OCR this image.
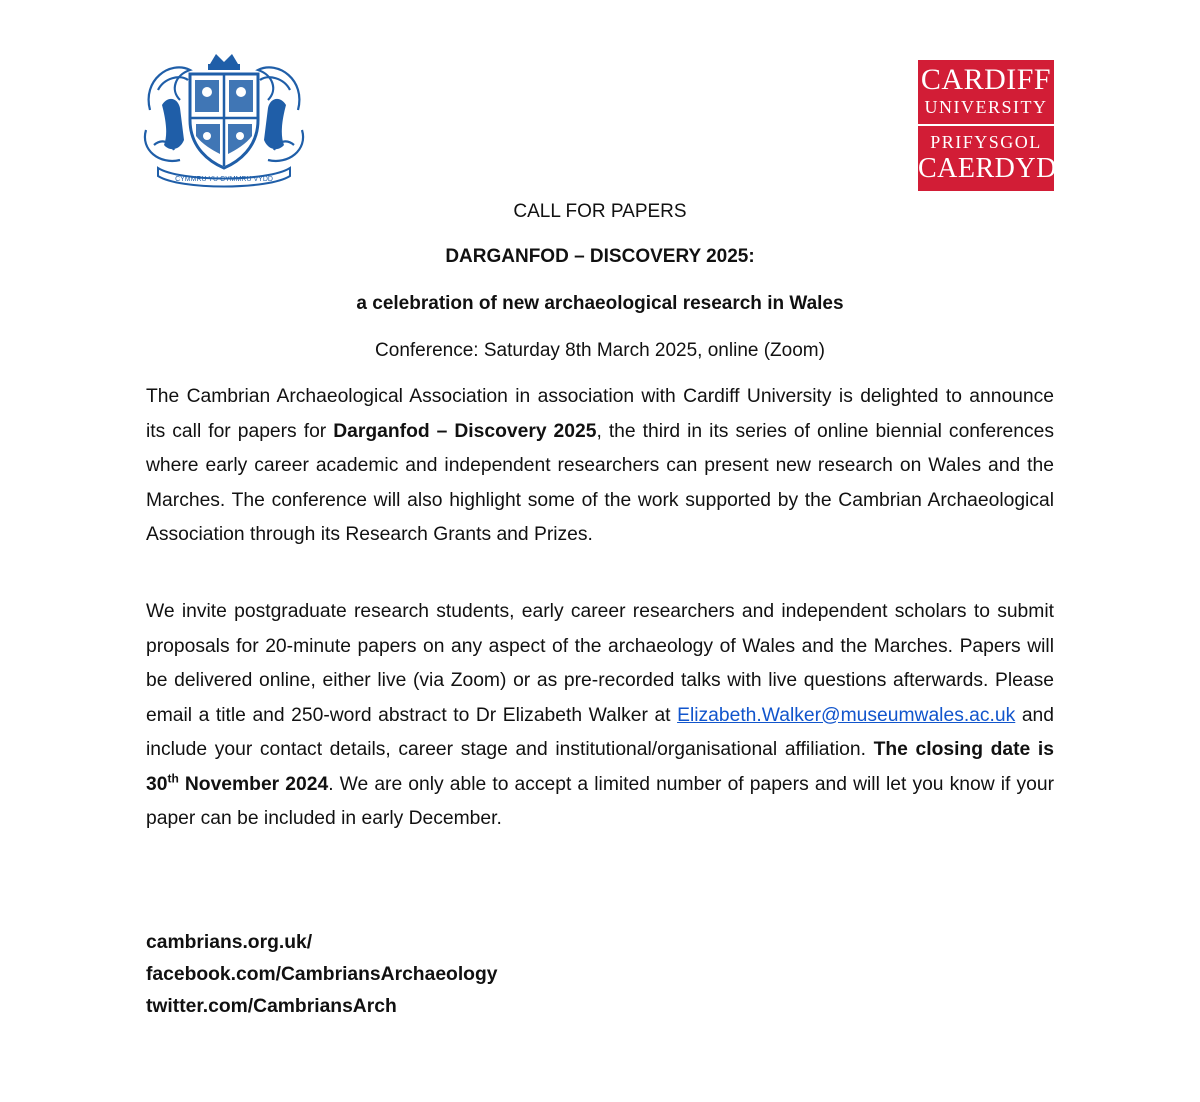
CYMMRU YU CYMMRU VYDD
CARDIFF
UNIVERSITY
PRIFYSGOL
CAERDYDD
CALL FOR PAPERS
DARGANFOD – DISCOVERY 2025:
a celebration of new archaeological research in Wales
Conference: Saturday 8th March 2025, online (Zoom)

The Cambrian Archaeological Association in association with Cardiff University is delighted to announce its call for papers for Darganfod – Discovery 2025, the third in its series of online biennial conferences where early career academic and independent researchers can present new research on Wales and the Marches. The conference will also highlight some of the work supported by the Cambrian Archaeological Association through its Research Grants and Prizes.

We invite postgraduate research students, early career researchers and independent scholars to submit proposals for 20-minute papers on any aspect of the archaeology of Wales and the Marches. Papers will be delivered online, either live (via Zoom) or as pre-recorded talks with live questions afterwards. Please email a title and 250-word abstract to Dr Elizabeth Walker at Elizabeth.Walker@museumwales.ac.uk and include your contact details, career stage and institutional/organisational affiliation. The closing date is 30th November 2024. We are only able to accept a limited number of papers and will let you know if your paper can be included in early December.

cambrians.org.uk/
facebook.com/CambriansArchaeology
twitter.com/CambriansArch
